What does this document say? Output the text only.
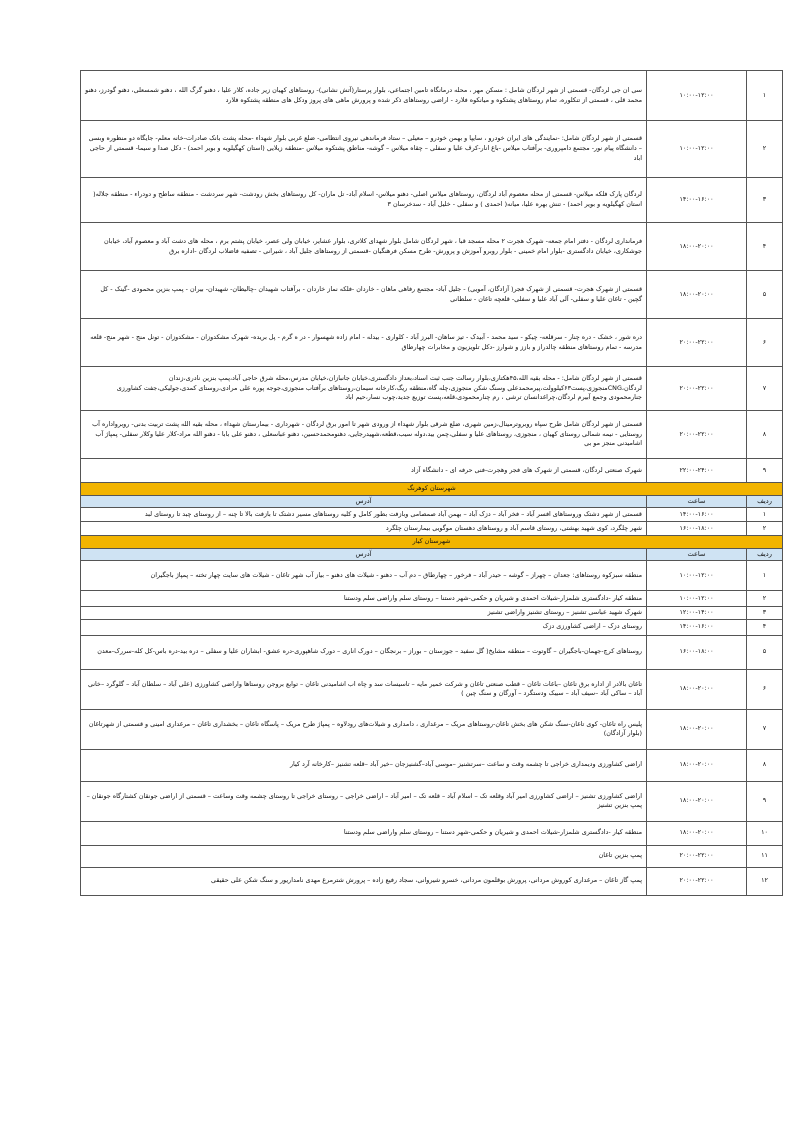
۱	۱۰:۰۰-۱۲:۰۰	سی ان جی لردگان- قسمتی از شهر لردگان شامل : مسکن مهر ، محله درمانگاه تامین اجتماعی، بلوار پرستار(آتش نشانی)- روستاهای کهیان زیر جاده، کلار علیا ، دهنو گرگ الله ، دهنو شمسعلی، دهنو گودرز، دهنو محمد قلی ، قسمتی از تنکلوره، تمام روستاهای پشتکوه و میانکوه فلارد - اراضی روستاهای ذکر شده و پرورش ماهی های پروز ودکل های منطقه پشتکوه فلارد
۲	۱۰:۰۰-۱۲:۰۰	قسمتی از شهر لردگان شامل: -نمایندگی های ایران خودرو ، سایپا و بهمن خودرو – معیلی – ستاد فرماندهی نیروی انتظامی- ضلع غربی بلوار شهداء -محله پشت بانک صادرات-خانه معلم- جایگاه دو منظوره وبسی – دانشگاه پیام نور- مجتمع دامپروری- برآفتاب میلاس -باغ انار-کرف علیا و سفلی – چقاه میلاس – گوشه- مناطق پشتکوه میلاس -منطقه زیلایی (استان کهگیلویه و بویر احمد) - دکل صدا و سیما- قسمتی از حاجی اباد
۳	۱۴:۰۰-۱۶:۰۰	لردگان پارک فلکه میلاس- قسمتی از محله معصوم آباد لردگان، روستاهای میلاس اصلی- دهنو میلاس- اسلام آباد- تل ماران- کل روستاهای بخش رودشت- شهر سردشت - منطقه ساطح و دودراء - منطقه جلاله( استان کهگیلویه و بویر احمد) - تنش بهره علیا، میانه( احمدی ) و سفلی - خلیل آباد - سدخرسان ۳
۴	۱۸:۰۰-۲۰:۰۰	فرمانداری لردگان - دفتر امام جمعه- شهرک هجرت ۲ محله مسجد قبا ، شهر لردگان شامل بلوار شهدای کلاتری، بلوار عشایر، خیابان ولی عصر، خیابان پشتم برم ، محله های دشت آباد و معصوم آباد، خیابان جوشکاری، خیابان دادگستری -بلوار امام خمینی - بلوار روبرو آموزش و پرورش- طرح مسکن فرهنگیان -قسمتی از روستاهای جلیل آباد ، شیرانی - تصفیه فاضلاب لردگان -اداره برق
۵	۱۸:۰۰-۲۰:۰۰	قسمتی از شهرک هجرت- قسمتی از شهرک فجر( آزادگان، آمویی) - جلیل آباد- مجتمع رفاهی ماهان - خاردان -فلکه نماز خاردان - برآفتاب شهیدان -چالیطان- شهیدان- بیران - پمپ بنزین محمودی -گینک - کل گچین - تاغان علیا و سفلی- آلی آباد علیا و سفلی- قلعچه تاغان - سلطانی
۶	۲۰:۰۰-۲۲:۰۰	دره شور ، خشک - دره چنار - سرقلعه- چیکو - سید محمد - آبیدک - تیز ساهان- البرز آباد - کلواری - بیدله - امام زاده شهسوار - در ه گرم - پل بریده- شهرک مشکدوزان - مشکدوزان - تونل منج - شهر منج- قلعه مدرسه - تمام روستاهای منطقه چالدراز و بازز و شوارز -دکل تلویزیون و مخابرات چهارطاق
۷	۲۰:۰۰-۲۲:۰۰	قسمتی از شهر لردگان شامل: - محله بقیه الله،۴۵هکتاری،بلوار رسالت جنب ثبت اسناد،بعداز دادگستری،خیابان جانبازان،خیابان مدرس،محله شرق حاجی آباد،پمپ بنزین نادری،زندان لردگان،CNGمنجوزی،پست۶۳کیلوولت،پیرمحمدعلی وسنگ شکن منجوزی،چله گاه،منطقه ریگ،کارخانه سیمان،روستاهای برآفتاب منجوزی،جوجه پوره علی مرادی،روستای کمدی،جولیکی،جفت کشاورزی جنارمحمودی وجمع آبیرم لردگان،چراغدانسان ترشی ، رم چنارمحمودی،قلعه،پست توزیع جدید،چوب نسار،حیم اباد
۸	۲۰:۰۰-۲۲:۰۰	قسمتی از شهر لردگان شامل طرح سپاه روبروترمینال،زمین شهری، ضلع شرقی بلوار شهداء از ورودی شهر تا امور برق لردگان - شهرداری - بیمارستان شهداء ، محله بقیه الله پشت تربیت بدنی- روبرواداره آب روستایی - نیمه شمالی روستای کهیان ، منجوزی، روستاهای علیا و سفلی،چمن بید،دوله سیب،قطعه،شهیدرجایی، دهنومحمدحسین، دهنو عباسعلی ، دهنو علی بابا - دهنو الله مراد-کلار علیا وکلار سفلی- پمپاژ آب اشامیدنی منجز مو بی
۹	۲۲:۰۰-۲۴:۰۰	شهرک صنعتی لردگان، قسمتی از شهرک های فجر وهجرت-فنی حرفه ای - دانشگاه آزاد
شهرستان کوهرنگ		
ردیف	ساعت	آدرس
۱	۱۴:۰۰-۱۶:۰۰	قسمتی از شهر دشتک وروستاهای افسر آباد – فخر آباد – دزک آباد – بهمن آباد صمصامی وبازفت بطور کامل و کلیه روستاهای مسیر دشتک تا بازفت بالا تا چنه – از روستای چبد تا روستای لبد
۲	۱۶:۰۰-۱۸:۰۰	شهر چلگرد، کوی شهید بهشتی، روستای قاسم آباد و روستاهای دهستان موگویی بیمارستان چلگرد
شهرستان کیار		
ردیف	ساعت	آدرس
۱	۱۰:۰۰-۱۲:۰۰	منطقه سبزکوه روستاهای: جعدان – چهراز – گوشه – حیدر آباد – فرخور – چهارطاق – دم آب – دهنو - شیلات های دهنو – بیاز آب شهر تاغان - شیلات های سایت چهار تخته – پمپاژ باجگیران
۲	۱۰:۰۰-۱۲:۰۰	منطقه کیار -دادگستری شلمزار-شیلات احمدی و شیریان و حکمی-شهر دستنا – روستای سلم واراضی سلم ودستنا
۳	۱۲:۰۰-۱۴:۰۰	شهرک شهید عباسی تشنیز – روستای تشنیز واراضی تشنیز
۴	۱۴:۰۰-۱۶:۰۰	روستای دزک – اراضی کشاورزی دزک
۵	۱۶:۰۰-۱۸:۰۰	روستاهای کرچ-جهمان-باجگیران – گاوتوت – منطقه مشایخ( گل سفید – جوزستان – بوراز – برنجگان – دورک اناری – دورک شاهپوری-دره عشق- ابشاران علیا و سفلی – دره بید-دره باس-کل کله-سررک-معدن
۶	۱۸:۰۰-۲۰:۰۰	تاغان بالادر از اداره برق تاغان –باغات تاغان – قطب صنعتی تاغان و شرکت خمیر مایه – تاسیسات سد و چاه اب اشامیدنی تاغان – توابع بروجن روستاها واراضی کشاورزی (علی آباد – سلطان آباد – گلوگرد –خانی آباد – ساکی آباد –سیف آباد – سیبک ودستگرد – آورگان و سنگ چین )
۷	۱۸:۰۰-۲۰:۰۰	پلیس راه تاغان- کوی تاغان-سنگ شکن های بخش تاغان-روستاهای مریک – مرغداری ، دامداری و شیلات‌های رودلاوه – پمپاژ طرح مریک – پاسگاه تاغان – بخشداری تاغان – مرغداری امینی و قسمتی از شهرتاغان (بلوار آزادگان)
۸	۱۸:۰۰-۲۰:۰۰	اراضی کشاورزی ودیمداری خراجی تا چشمه وقت و ساعت –سرتشنیز –موسی آباد–گشنیزجان –خیر آباد –قلعه تشنیز –کارخانه آرد کیار
۹	۱۸:۰۰-۲۰:۰۰	اراضی کشاورزی تشنیز – اراضی کشاورزی امیر آباد وقلعه تک – اسلام آباد – قلعه تک – امیر آباد – اراضی خراجی – روستای خراجی تا روستای چشمه وقت وساعت – قسمتی از اراضی جونقان کشتارگاه جونقان – پمپ بنزین تشنیز
۱۰	۱۸:۰۰-۲۰:۰۰	منطقه کیار -دادگستری شلمزار-شیلات احمدی و شیریان و حکمی-شهر دستنا – روستای سلم واراضی سلم ودستنا
۱۱	۲۰:۰۰-۲۲:۰۰	پمپ بنزین تاغان
۱۲	۲۰:۰۰-۲۲:۰۰	پمپ گاز تاغان – مرغداری کوروش مردانی، پرورش بوقلمون مردانی، خسرو شیروانی، سجاد رفیع زاده – پرورش شترمرغ مهدی نامداریور و سنگ شکن علی حقیقی
